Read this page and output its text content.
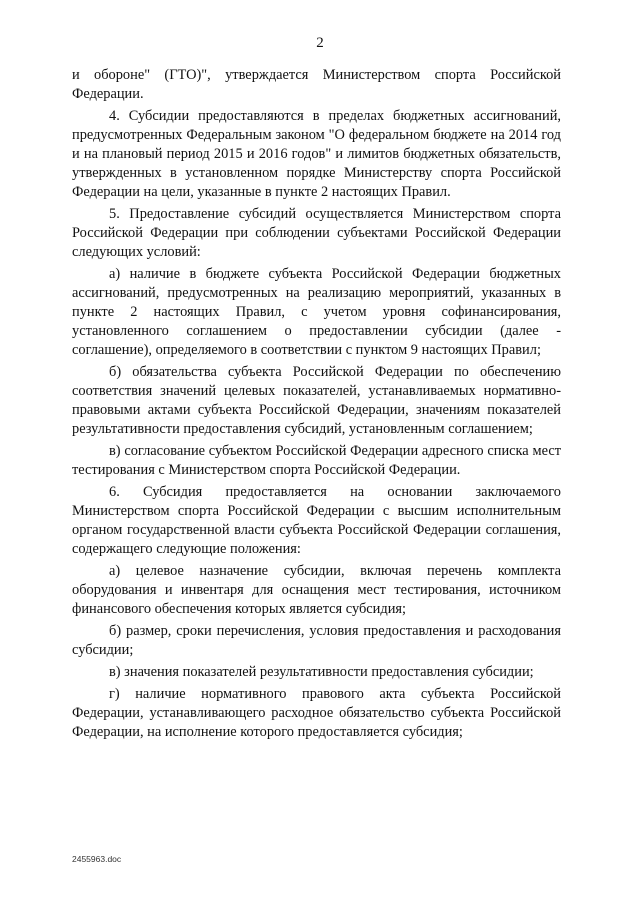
2

и обороне" (ГТО)", утверждается Министерством спорта Российской Федерации.

4. Субсидии предоставляются в пределах бюджетных ассигнований, предусмотренных Федеральным законом "О федеральном бюджете на 2014 год и на плановый период 2015 и 2016 годов" и лимитов бюджетных обязательств, утвержденных в установленном порядке Министерству спорта Российской Федерации на цели, указанные в пункте 2 настоящих Правил.

5. Предоставление субсидий осуществляется Министерством спорта Российской Федерации при соблюдении субъектами Российской Федерации следующих условий:

а) наличие в бюджете субъекта Российской Федерации бюджетных ассигнований, предусмотренных на реализацию мероприятий, указанных в пункте 2 настоящих Правил, с учетом уровня софинансирования, установленного соглашением о предоставлении субсидии (далее - соглашение), определяемого в соответствии с пунктом 9 настоящих Правил;

б) обязательства субъекта Российской Федерации по обеспечению соответствия значений целевых показателей, устанавливаемых нормативно-правовыми актами субъекта Российской Федерации, значениям показателей результативности предоставления субсидий, установленным соглашением;

в) согласование субъектом Российской Федерации адресного списка мест тестирования с Министерством спорта Российской Федерации.

6. Субсидия предоставляется на основании заключаемого Министерством спорта Российской Федерации с высшим исполнительным органом государственной власти субъекта Российской Федерации соглашения, содержащего следующие положения:

а) целевое назначение субсидии, включая перечень комплекта оборудования и инвентаря для оснащения мест тестирования, источником финансового обеспечения которых является субсидия;

б) размер, сроки перечисления, условия предоставления и расходования субсидии;

в) значения показателей результативности предоставления субсидии;

г) наличие нормативного правового акта субъекта Российской Федерации, устанавливающего расходное обязательство субъекта Российской Федерации, на исполнение которого предоставляется субсидия;

2455963.doc
